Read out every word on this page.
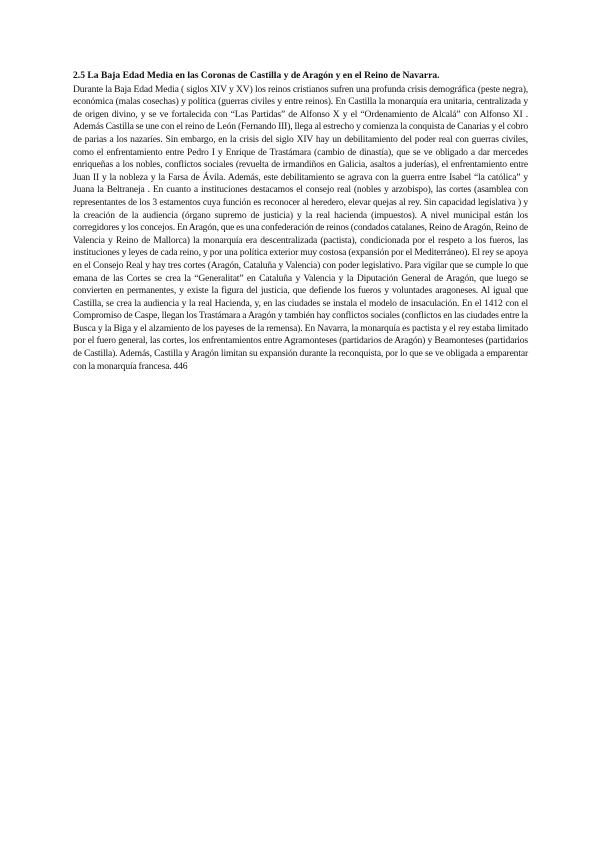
2.5 La Baja Edad Media en las Coronas de Castilla y de Aragón y en el Reino de Navarra.

Durante la Baja Edad Media ( siglos XIV y XV) los reinos cristianos sufren una profunda crisis demográfica (peste negra), económica (malas cosechas) y política (guerras civiles y entre reinos). En Castilla la monarquía era unitaria, centralizada y de origen divino, y se ve fortalecida con “Las Partidas” de Alfonso X y el “Ordenamiento de Alcalá” con Alfonso XI . Además Castilla se une con el reino de León (Fernando III), llega al estrecho y comienza la conquista de Canarias y el cobro de parias a los nazaríes. Sin embargo, en la crisis del siglo XIV hay un debilitamiento del poder real con guerras civiles, como el enfrentamiento entre Pedro I y Enrique de Trastámara (cambio de dinastía), que se ve obligado a dar mercedes enriqueñas a los nobles, conflictos sociales (revuelta de irmandiños en Galicia, asaltos a juderías), el enfrentamiento entre Juan II y la nobleza y la Farsa de Ávila. Además, este debilitamiento se agrava con la guerra entre Isabel “la católica” y Juana la Beltraneja . En cuanto a instituciones destacamos el consejo real (nobles y arzobispo), las cortes (asamblea con representantes de los 3 estamentos cuya función es reconocer al heredero, elevar quejas al rey. Sin capacidad legislativa ) y la creación de la audiencia (órgano supremo de justicia) y la real hacienda (impuestos). A nivel municipal están los corregidores y los concejos. En Aragón, que es una confederación de reinos (condados catalanes, Reino de Aragón, Reino de Valencia y Reino de Mallorca) la monarquía era descentralizada (pactista), condicionada por el respeto a los fueros, las instituciones y leyes de cada reino, y por una política exterior muy costosa (expansión por el Mediterráneo). El rey se apoya en el Consejo Real y hay tres cortes (Aragón, Cataluña y Valencia) con poder legislativo. Para vigilar que se cumple lo que emana de las Cortes se crea la “Generalitat” en Cataluña y Valencia y la Diputación General de Aragón, que luego se convierten en permanentes, y existe la figura del justicia, que defiende los fueros y voluntades aragoneses. Al igual que Castilla, se crea la audiencia y la real Hacienda, y, en las ciudades se instala el modelo de insaculación. En el 1412 con el Compromiso de Caspe, llegan los Trastámara a Aragón y también hay conflictos sociales (conflictos en las ciudades entre la Busca y la Biga y el alzamiento de los payeses de la remensa). En Navarra, la monarquía es pactista y el rey estaba limitado por el fuero general, las cortes, los enfrentamientos entre Agramonteses (partidarios de Aragón) y Beamonteses (partidarios de Castilla). Además, Castilla y Aragón limitan su expansión durante la reconquista, por lo que se ve obligada a emparentar con la monarquía francesa. 446
